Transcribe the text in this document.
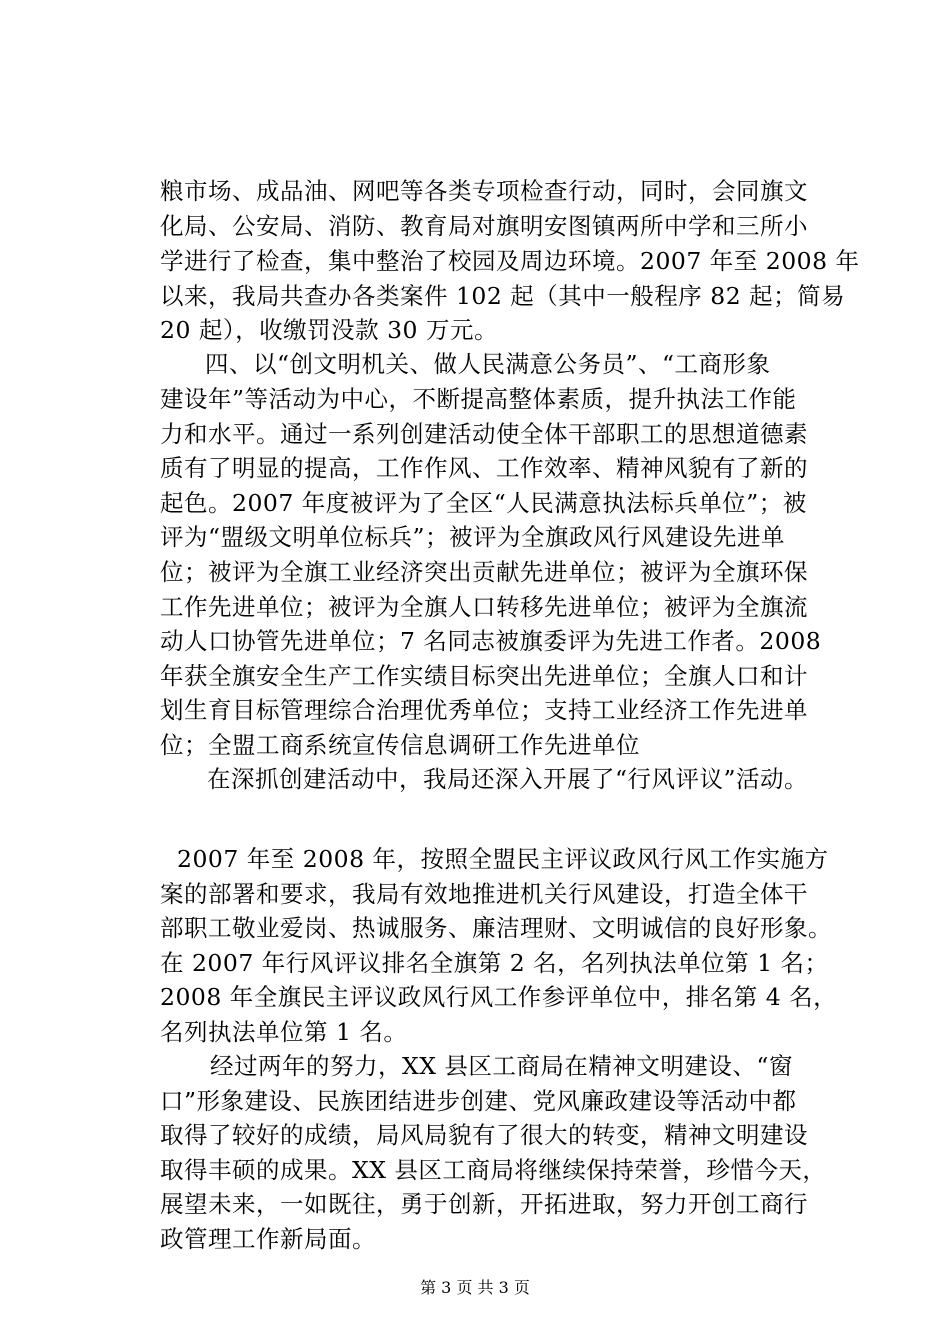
粮市场、成品油、网吧等各类专项检查行动，同时，会同旗文
化局、公安局、消防、教育局对旗明安图镇两所中学和三所小
学进行了检查，集中整治了校园及周边环境。2007 年至 2008 年
以来，我局共查办各类案件 102 起（其中一般程序 82 起；简易
20 起），收缴罚没款 30 万元。
四、以“创文明机关、做人民满意公务员”、“工商形象
建设年”等活动为中心，不断提高整体素质，提升执法工作能
力和水平。通过一系列创建活动使全体干部职工的思想道德素
质有了明显的提高，工作作风、工作效率、精神风貌有了新的
起色。2007 年度被评为了全区“人民满意执法标兵单位”；被
评为“盟级文明单位标兵”；被评为全旗政风行风建设先进单
位；被评为全旗工业经济突出贡献先进单位；被评为全旗环保
工作先进单位；被评为全旗人口转移先进单位；被评为全旗流
动人口协管先进单位；7 名同志被旗委评为先进工作者。2008
年获全旗安全生产工作实绩目标突出先进单位；全旗人口和计
划生育目标管理综合治理优秀单位；支持工业经济工作先进单
位；全盟工商系统宣传信息调研工作先进单位
在深抓创建活动中，我局还深入开展了“行风评议”活动。
2007 年至 2008 年，按照全盟民主评议政风行风工作实施方
案的部署和要求，我局有效地推进机关行风建设，打造全体干
部职工敬业爱岗、热诚服务、廉洁理财、文明诚信的良好形象。
在 2007 年行风评议排名全旗第 2 名，名列执法单位第 1 名；
2008 年全旗民主评议政风行风工作参评单位中，排名第 4 名，
名列执法单位第 1 名。
经过两年的努力，XX 县区工商局在精神文明建设、“窗
口”形象建设、民族团结进步创建、党风廉政建设等活动中都
取得了较好的成绩，局风局貌有了很大的转变，精神文明建设
取得丰硕的成果。XX 县区工商局将继续保持荣誉，珍惜今天，
展望未来，一如既往，勇于创新，开拓进取，努力开创工商行
政管理工作新局面。
第 3 页 共 3 页
